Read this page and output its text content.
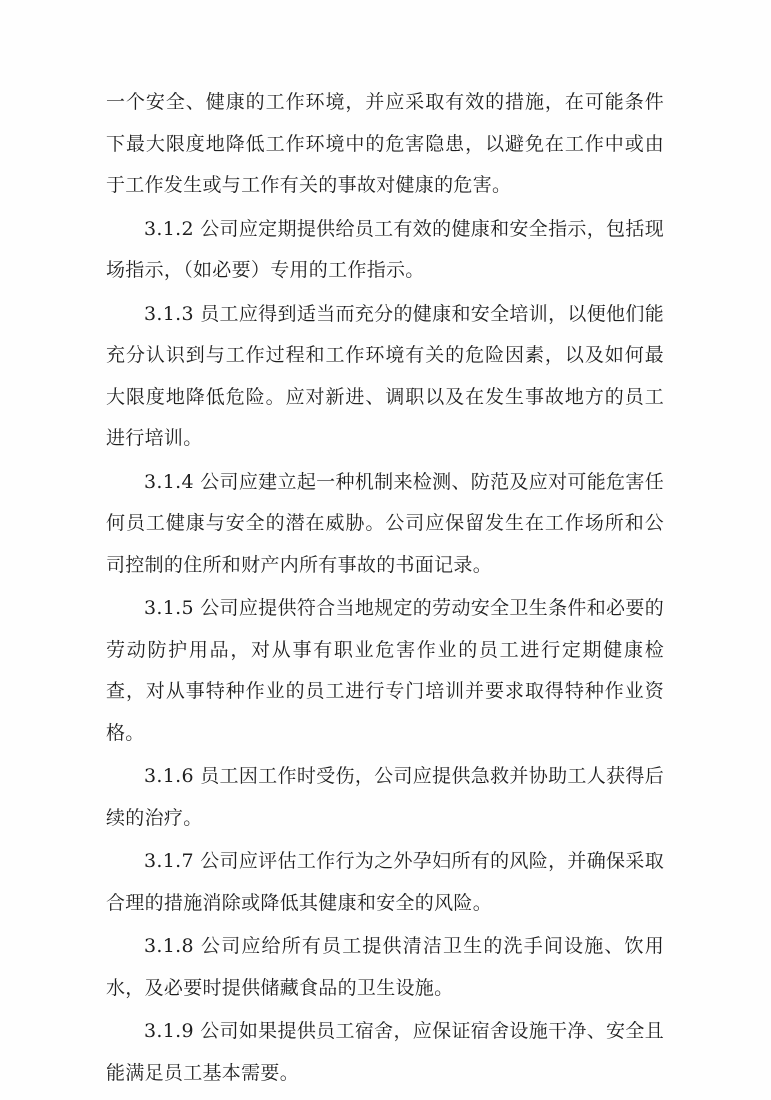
一个安全、健康的工作环境，并应采取有效的措施，在可能条件下最大限度地降低工作环境中的危害隐患，以避免在工作中或由于工作发生或与工作有关的事故对健康的危害。

3.1.2 公司应定期提供给员工有效的健康和安全指示，包括现场指示，（如必要）专用的工作指示。

3.1.3 员工应得到适当而充分的健康和安全培训，以便他们能充分认识到与工作过程和工作环境有关的危险因素，以及如何最大限度地降低危险。应对新进、调职以及在发生事故地方的员工进行培训。

3.1.4 公司应建立起一种机制来检测、防范及应对可能危害任何员工健康与安全的潜在威胁。公司应保留发生在工作场所和公司控制的住所和财产内所有事故的书面记录。

3.1.5 公司应提供符合当地规定的劳动安全卫生条件和必要的劳动防护用品，对从事有职业危害作业的员工进行定期健康检查，对从事特种作业的员工进行专门培训并要求取得特种作业资格。

3.1.6 员工因工作时受伤，公司应提供急救并协助工人获得后续的治疗。

3.1.7 公司应评估工作行为之外孕妇所有的风险，并确保采取合理的措施消除或降低其健康和安全的风险。

3.1.8 公司应给所有员工提供清洁卫生的洗手间设施、饮用水，及必要时提供储藏食品的卫生设施。

3.1.9 公司如果提供员工宿舍，应保证宿舍设施干净、安全且能满足员工基本需要。
